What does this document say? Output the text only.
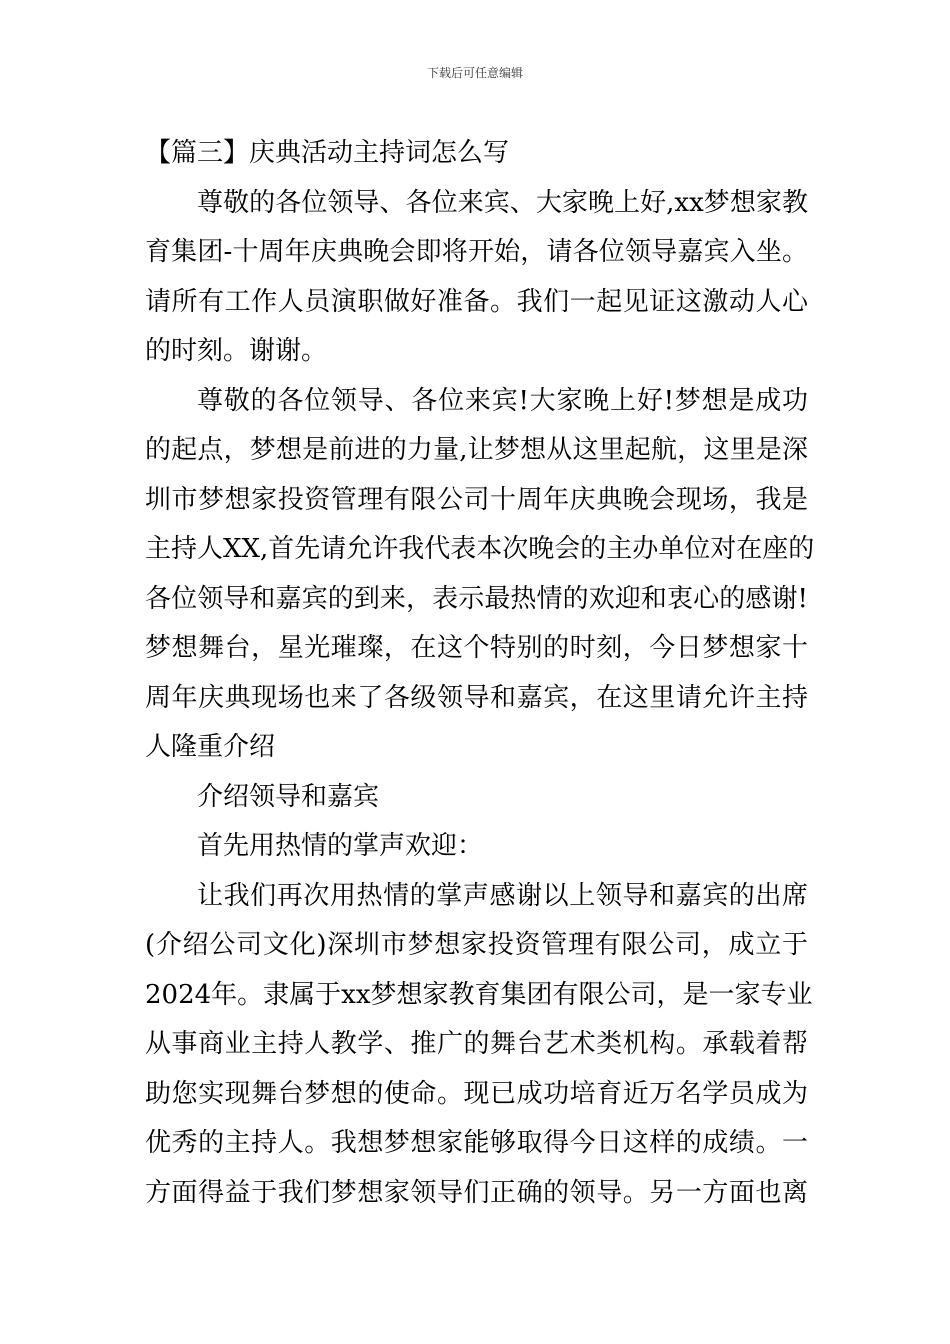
下载后可任意编辑
【篇三】庆典活动主持词怎么写
尊敬的各位领导、各位来宾、大家晚上好,xx梦想家教
育集团-十周年庆典晚会即将开始，请各位领导嘉宾入坐。
请所有工作人员演职做好准备。我们一起见证这激动人心
的时刻。谢谢。
尊敬的各位领导、各位来宾!大家晚上好!梦想是成功
的起点，梦想是前进的力量,让梦想从这里起航，这里是深
圳市梦想家投资管理有限公司十周年庆典晚会现场，我是
主持人XX,首先请允许我代表本次晚会的主办单位对在座的
各位领导和嘉宾的到来，表示最热情的欢迎和衷心的感谢!
梦想舞台，星光璀璨，在这个特别的时刻，今日梦想家十
周年庆典现场也来了各级领导和嘉宾，在这里请允许主持
人隆重介绍
介绍领导和嘉宾
首先用热情的掌声欢迎：
让我们再次用热情的掌声感谢以上领导和嘉宾的出席
(介绍公司文化)深圳市梦想家投资管理有限公司，成立于
2024年。隶属于xx梦想家教育集团有限公司，是一家专业
从事商业主持人教学、推广的舞台艺术类机构。承载着帮
助您实现舞台梦想的使命。现已成功培育近万名学员成为
优秀的主持人。我想梦想家能够取得今日这样的成绩。一
方面得益于我们梦想家领导们正确的领导。另一方面也离
